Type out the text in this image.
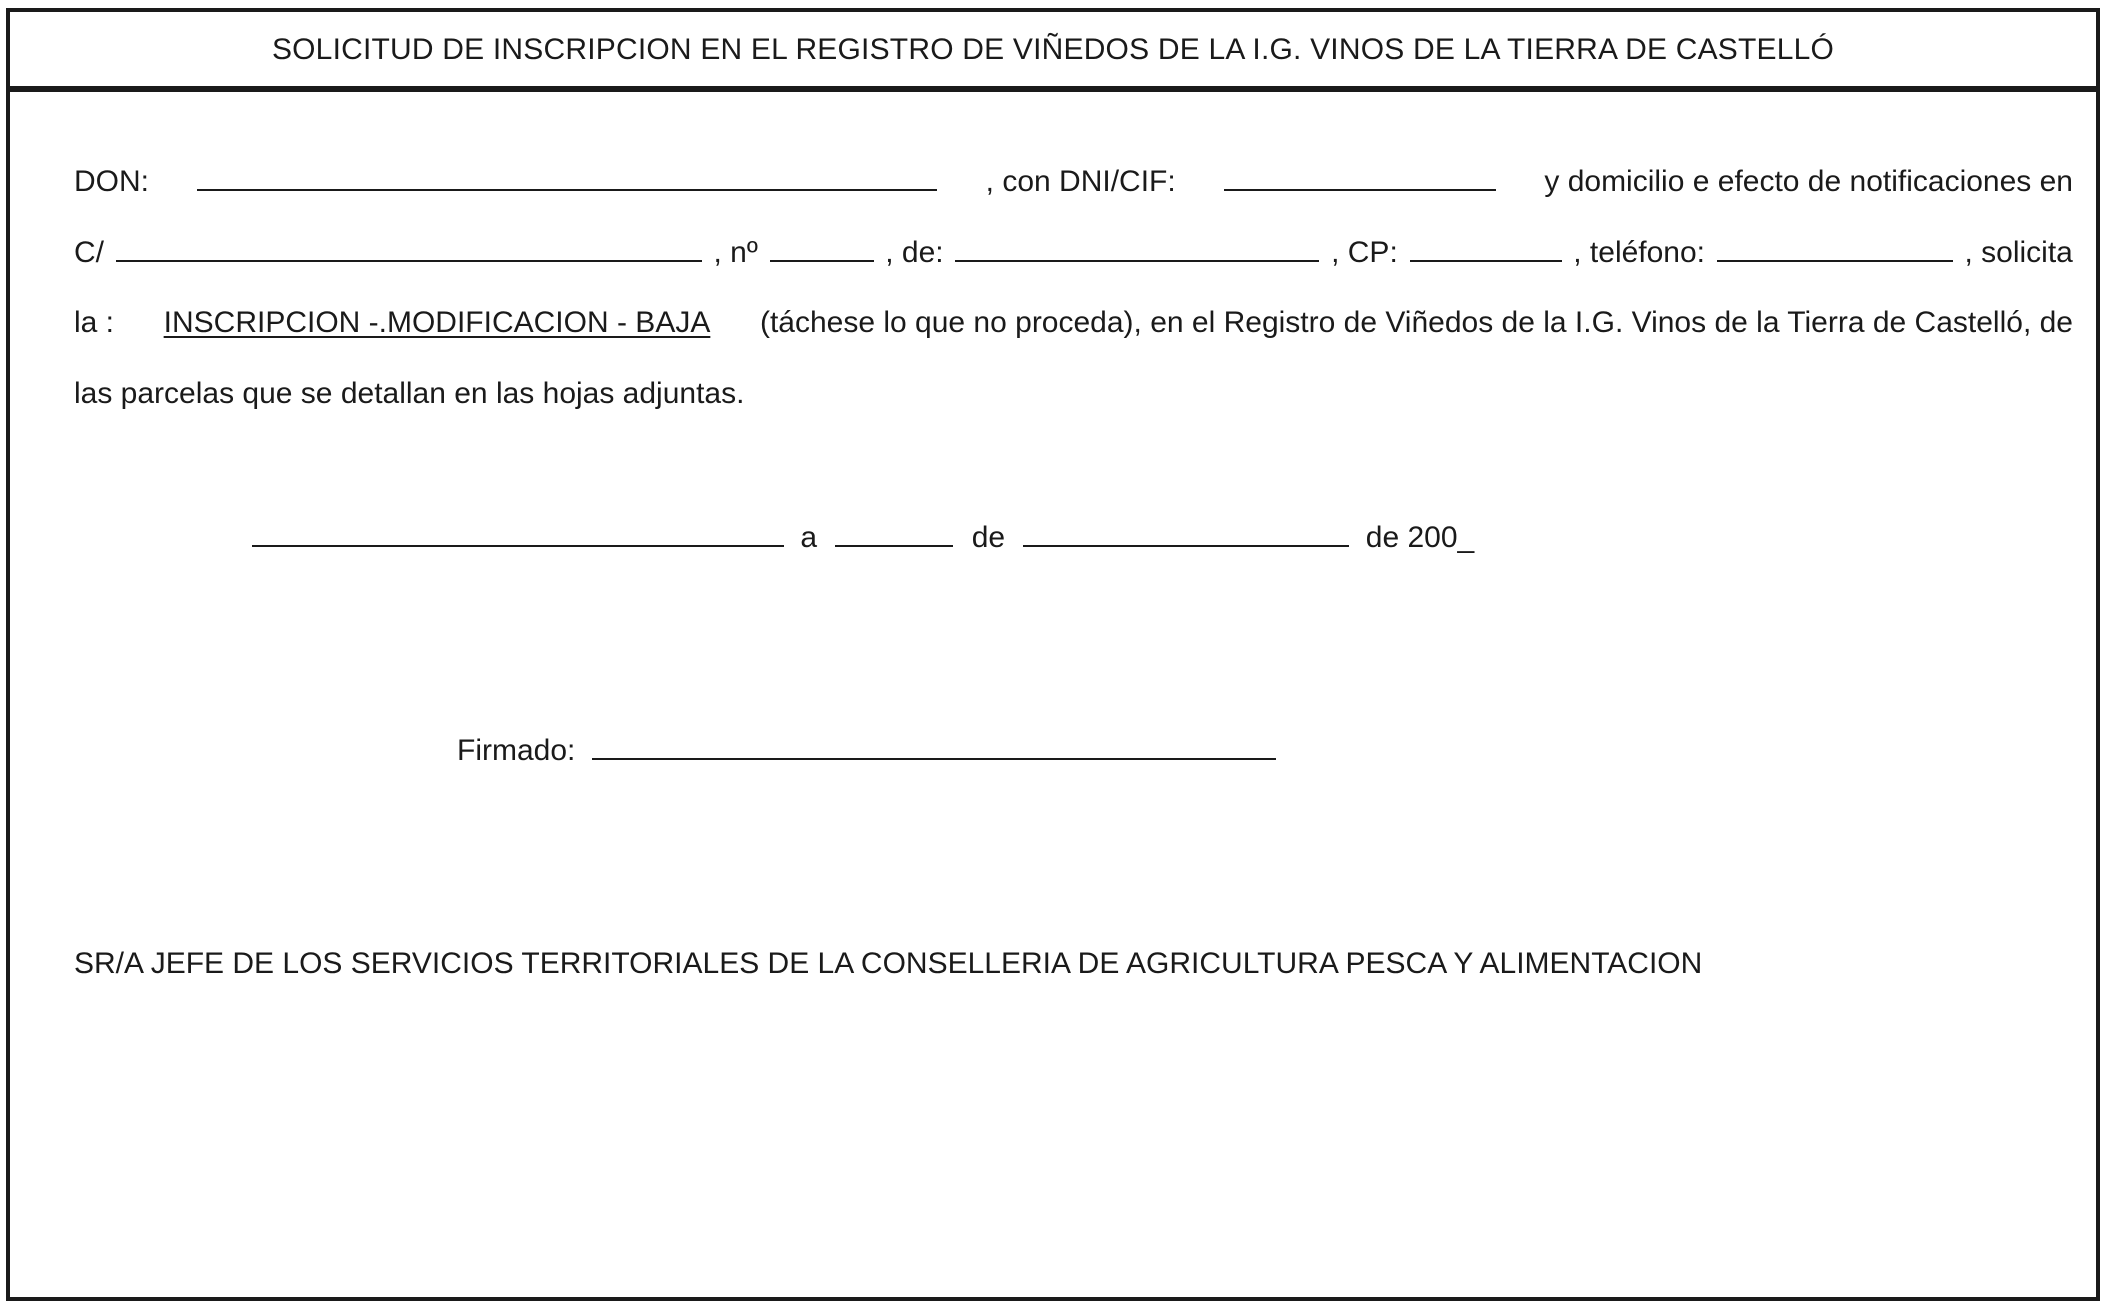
SOLICITUD DE INSCRIPCION EN EL REGISTRO DE VIÑEDOS DE LA I.G. VINOS DE LA TIERRA DE CASTELLÓ
DON:	, con DNI/CIF:	y domicilio e efecto de notificaciones en
C/	, nº	, de:	, CP:	, teléfono:	, solicita
la : INSCRIPCION -.MODIFICACION - BAJA (táchese lo que no proceda), en el Registro de Viñedos de la I.G. Vinos de la Tierra de Castelló, de
las parcelas que se detallan en las hojas adjuntas.
a	de	de 200_
Firmado:
SR/A JEFE DE LOS SERVICIOS TERRITORIALES DE LA CONSELLERIA DE AGRICULTURA PESCA Y ALIMENTACION
